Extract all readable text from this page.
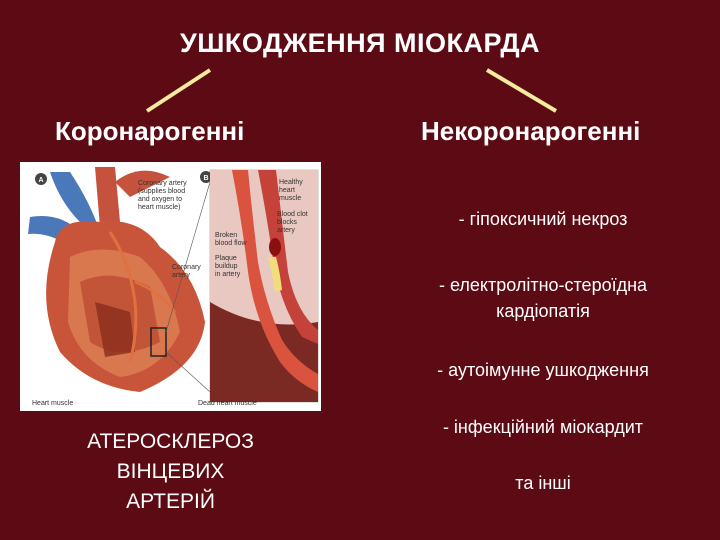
УШКОДЖЕННЯ МІОКАРДА
Коронарогенні	Некоронарогенні
A	Coronary artery
(supplies blood
and oxygen to
heart muscle)
Coronary
artery
Heart muscle
B
Healthy
heart
muscle
Blood clot
blocks
artery
Broken
blood flow
Plaque
buildup
in artery
Dead heart muscle
АТЕРОСКЛЕРОЗ
ВІНЦЕВИХ
АРТЕРІЙ
- гіпоксичний некроз
- електролітно-стероїдна
кардіопатія
- аутоімунне ушкодження
- інфекційний міокардит
та інші
